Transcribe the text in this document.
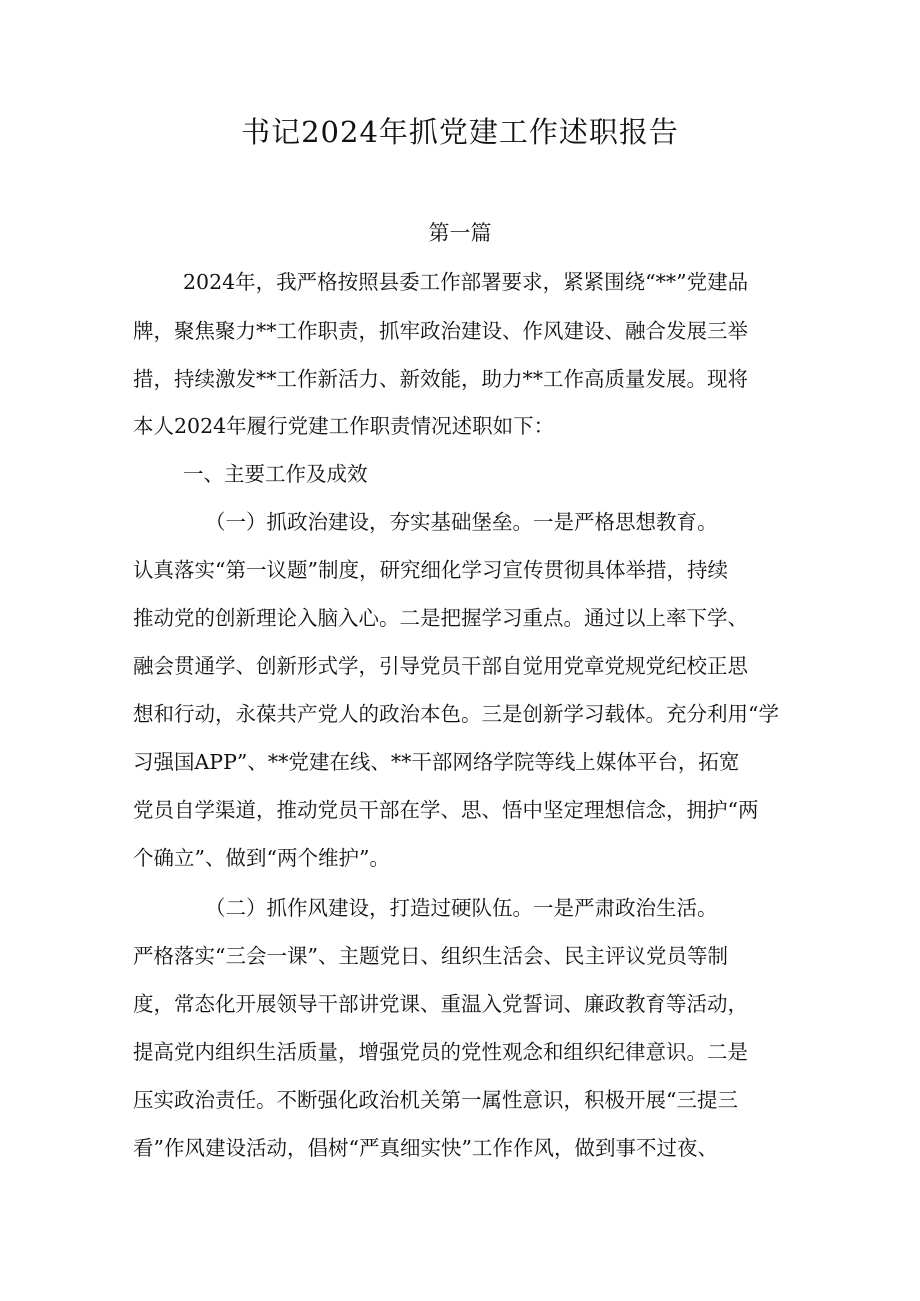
书记2024年抓党建工作述职报告
第一篇
2024年，我严格按照县委工作部署要求，紧紧围绕“**”党建品
牌，聚焦聚力**工作职责，抓牢政治建设、作风建设、融合发展三举
措，持续激发**工作新活力、新效能，助力**工作高质量发展。现将
本人2024年履行党建工作职责情况述职如下：
一、主要工作及成效
（一）抓政治建设，夯实基础堡垒。一是严格思想教育。
认真落实“第一议题”制度，研究细化学习宣传贯彻具体举措，持续
推动党的创新理论入脑入心。二是把握学习重点。通过以上率下学、
融会贯通学、创新形式学，引导党员干部自觉用党章党规党纪校正思
想和行动，永葆共产党人的政治本色。三是创新学习载体。充分利用“学
习强国APP”、**党建在线、**干部网络学院等线上媒体平台，拓宽
党员自学渠道，推动党员干部在学、思、悟中坚定理想信念，拥护“两
个确立”、做到“两个维护”。
（二）抓作风建设，打造过硬队伍。一是严肃政治生活。
严格落实“三会一课”、主题党日、组织生活会、民主评议党员等制
度，常态化开展领导干部讲党课、重温入党誓词、廉政教育等活动，
提高党内组织生活质量，增强党员的党性观念和组织纪律意识。二是
压实政治责任。不断强化政治机关第一属性意识，积极开展“三提三
看”作风建设活动，倡树“严真细实快”工作作风，做到事不过夜、
